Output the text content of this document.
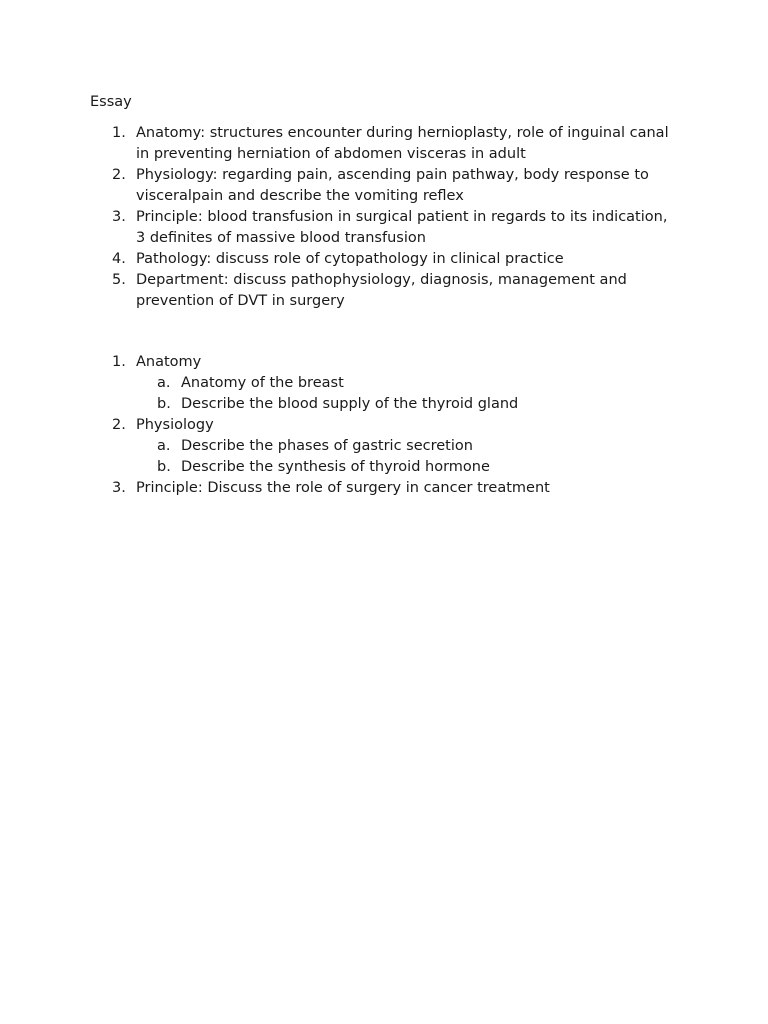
Essay
1. Anatomy: structures encounter during hernioplasty, role of inguinal canal in preventing herniation of abdomen visceras in adult
2. Physiology: regarding pain, ascending pain pathway, body response to visceralpain and describe the vomiting reflex
3. Principle: blood transfusion in surgical patient in regards to its indication, 3 definites of massive blood transfusion
4. Pathology: discuss role of cytopathology in clinical practice
5. Department: discuss pathophysiology, diagnosis, management and prevention of DVT in surgery
1. Anatomy
a. Anatomy of the breast
b. Describe the blood supply of the thyroid gland
2. Physiology
a. Describe the phases of gastric secretion
b. Describe the synthesis of thyroid hormone
3. Principle: Discuss the role of surgery in cancer treatment
